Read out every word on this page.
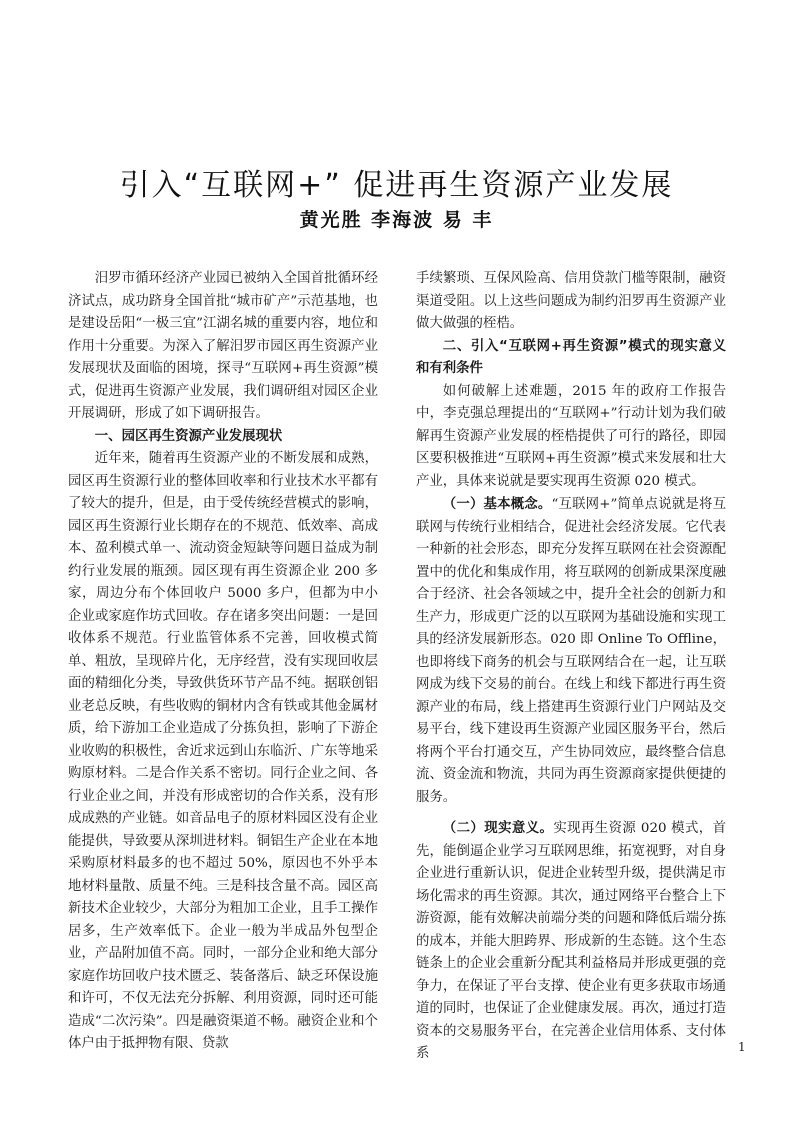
引入“互联网+” 促进再生资源产业发展
黄光胜 李海波 易 丰

汨罗市循环经济产业园已被纳入全国首批循环经济试点，成功跻身全国首批“城市矿产”示范基地，也是建设岳阳“一极三宜”江湖名城的重要内容，地位和作用十分重要。为深入了解汨罗市园区再生资源产业发展现状及面临的困境，探寻“互联网+再生资源”模式，促进再生资源产业发展，我们调研组对园区企业开展调研，形成了如下调研报告。

一、园区再生资源产业发展现状

近年来，随着再生资源产业的不断发展和成熟，园区再生资源行业的整体回收率和行业技术水平都有了较大的提升，但是，由于受传统经营模式的影响，园区再生资源行业长期存在的不规范、低效率、高成本、盈利模式单一、流动资金短缺等问题日益成为制约行业发展的瓶颈。园区现有再生资源企业 200 多家，周边分布个体回收户 5000 多户，但都为中小企业或家庭作坊式回收。存在诸多突出问题：一是回收体系不规范。行业监管体系不完善，回收模式简单、粗放，呈现碎片化，无序经营，没有实现回收层面的精细化分类，导致供货环节产品不纯。据联创铝业老总反映，有些收购的铜材内含有铁或其他金属材质，给下游加工企业造成了分拣负担，影响了下游企业收购的积极性，舍近求远到山东临沂、广东等地采购原材料。二是合作关系不密切。同行企业之间、各行业企业之间，并没有形成密切的合作关系，没有形成成熟的产业链。如音品电子的原材料园区没有企业能提供，导致要从深圳进材料。铜铝生产企业在本地采购原材料最多的也不超过 50%，原因也不外乎本地材料量散、质量不纯。三是科技含量不高。园区高新技术企业较少，大部分为粗加工企业，且手工操作居多，生产效率低下。企业一般为半成品外包型企业，产品附加值不高。同时，一部分企业和绝大部分家庭作坊回收户技术匮乏、装备落后、缺乏环保设施和许可，不仅无法充分拆解、利用资源，同时还可能造成“二次污染”。四是融资渠道不畅。融资企业和个体户由于抵押物有限、贷款

手续繁琐、互保风险高、信用贷款门槛等限制，融资渠道受阻。以上这些问题成为制约汨罗再生资源产业做大做强的桎梏。

二、引入“互联网+再生资源”模式的现实意义和有利条件

如何破解上述难题，2015 年的政府工作报告中，李克强总理提出的“互联网+”行动计划为我们破解再生资源产业发展的桎梏提供了可行的路径，即园区要积极推进“互联网+再生资源”模式来发展和壮大产业，具体来说就是要实现再生资源 020 模式。

（一）基本概念。“互联网+”简单点说就是将互联网与传统行业相结合，促进社会经济发展。它代表一种新的社会形态，即充分发挥互联网在社会资源配置中的优化和集成作用，将互联网的创新成果深度融合于经济、社会各领域之中，提升全社会的创新力和生产力，形成更广泛的以互联网为基础设施和实现工具的经济发展新形态。020 即 Online To Offline，也即将线下商务的机会与互联网结合在一起，让互联网成为线下交易的前台。在线上和线下都进行再生资源产业的布局，线上搭建再生资源行业门户网站及交易平台，线下建设再生资源产业园区服务平台，然后将两个平台打通交互，产生协同效应，最终整合信息流、资金流和物流，共同为再生资源商家提供便捷的服务。

（二）现实意义。实现再生资源 020 模式，首先，能倒逼企业学习互联网思维，拓宽视野，对自身企业进行重新认识，促进企业转型升级，提供满足市场化需求的再生资源。其次，通过网络平台整合上下游资源，能有效解决前端分类的问题和降低后端分拣的成本，并能大胆跨界、形成新的生态链。这个生态链条上的企业会重新分配其利益格局并形成更强的竞争力，在保证了平台支撑、使企业有更多获取市场通道的同时，也保证了企业健康发展。再次，通过打造资本的交易服务平台，在完善企业信用体系、支付体系	1
